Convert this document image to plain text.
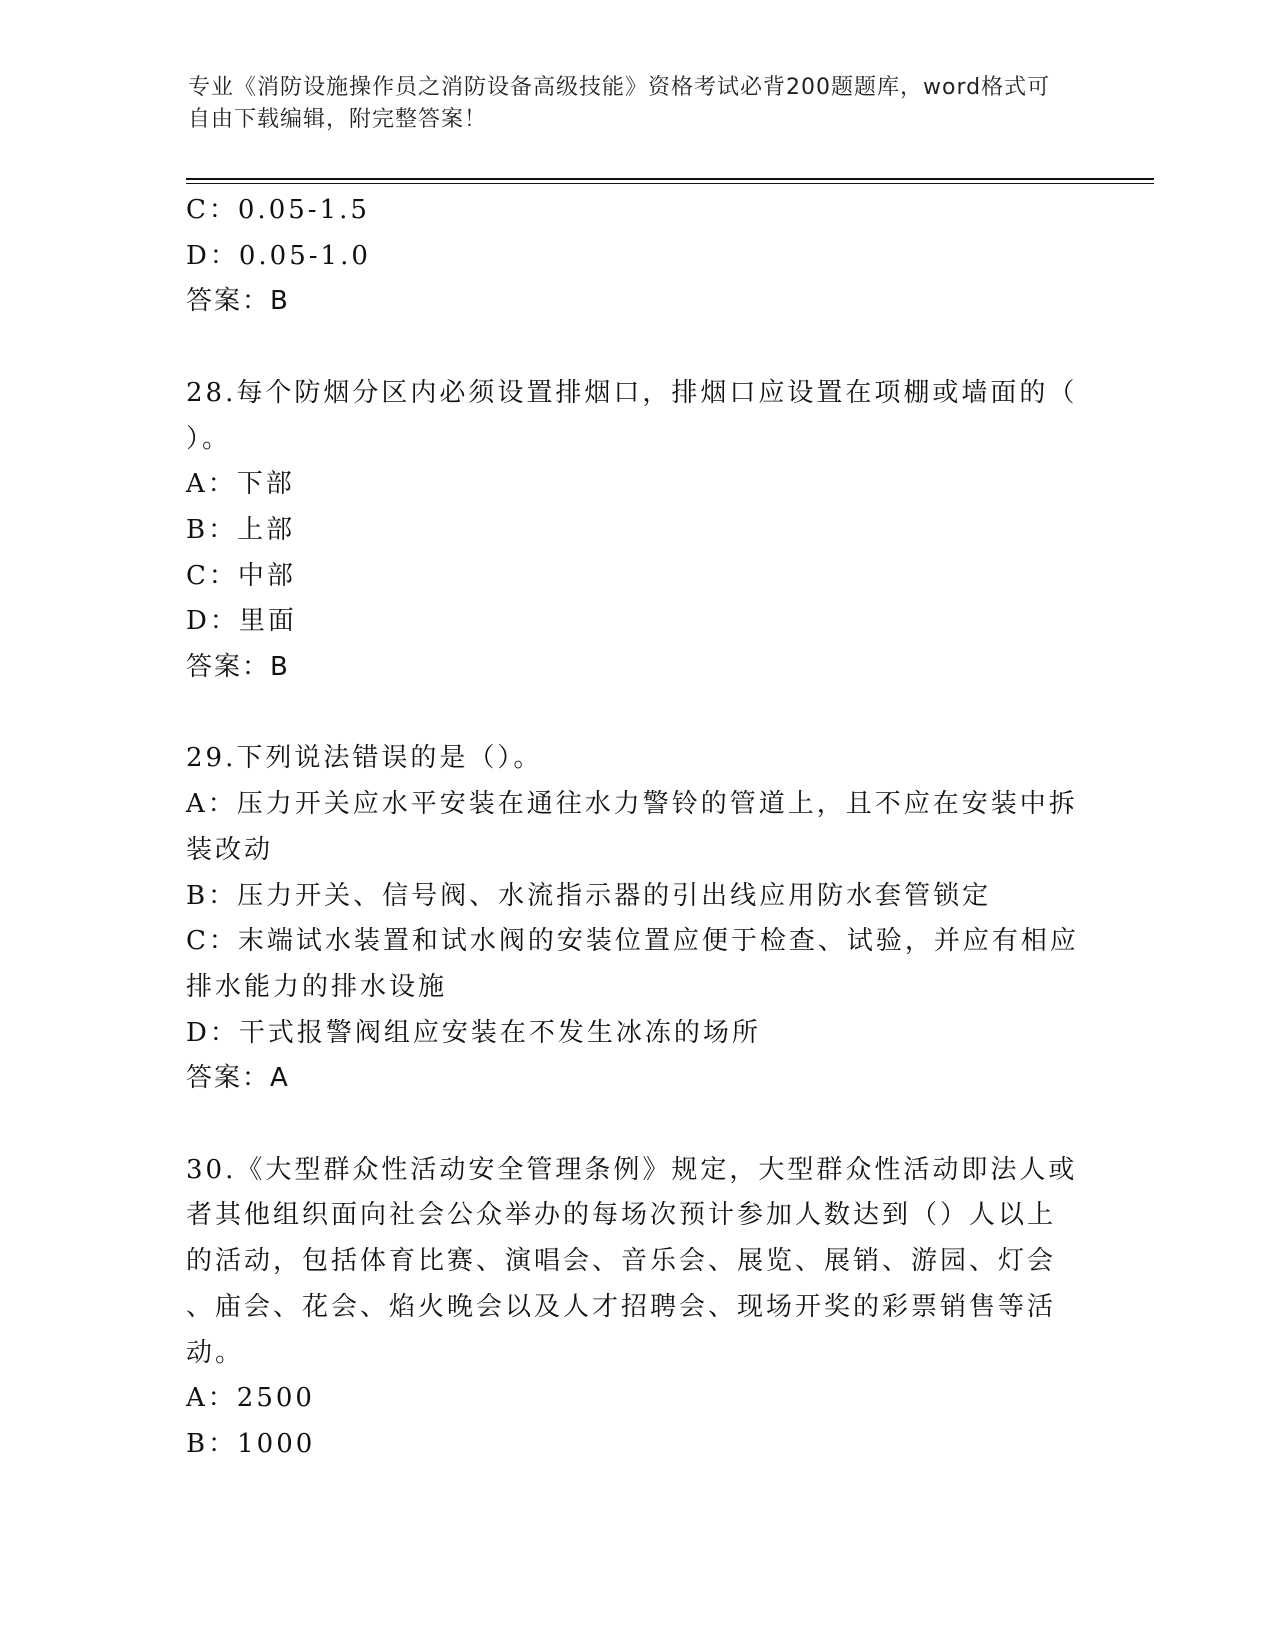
专业《消防设施操作员之消防设备高级技能》资格考试必背200题题库，word格式可自由下载编辑，附完整答案！
C：0.05-1.5
D：0.05-1.0
答案：B
28.每个防烟分区内必须设置排烟口，排烟口应设置在项棚或墙面的（
）。
A：下部
B：上部
C：中部
D：里面
答案：B
29.下列说法错误的是（）。
A：压力开关应水平安装在通往水力警铃的管道上，且不应在安装中拆
装改动
B：压力开关、信号阀、水流指示器的引出线应用防水套管锁定
C：末端试水装置和试水阀的安装位置应便于检查、试验，并应有相应
排水能力的排水设施
D：干式报警阀组应安装在不发生冰冻的场所
答案：A
30.《大型群众性活动安全管理条例》规定，大型群众性活动即法人或
者其他组织面向社会公众举办的每场次预计参加人数达到（）人以上
的活动，包括体育比赛、演唱会、音乐会、展览、展销、游园、灯会
、庙会、花会、焰火晚会以及人才招聘会、现场开奖的彩票销售等活
动。
A：2500
B：1000
